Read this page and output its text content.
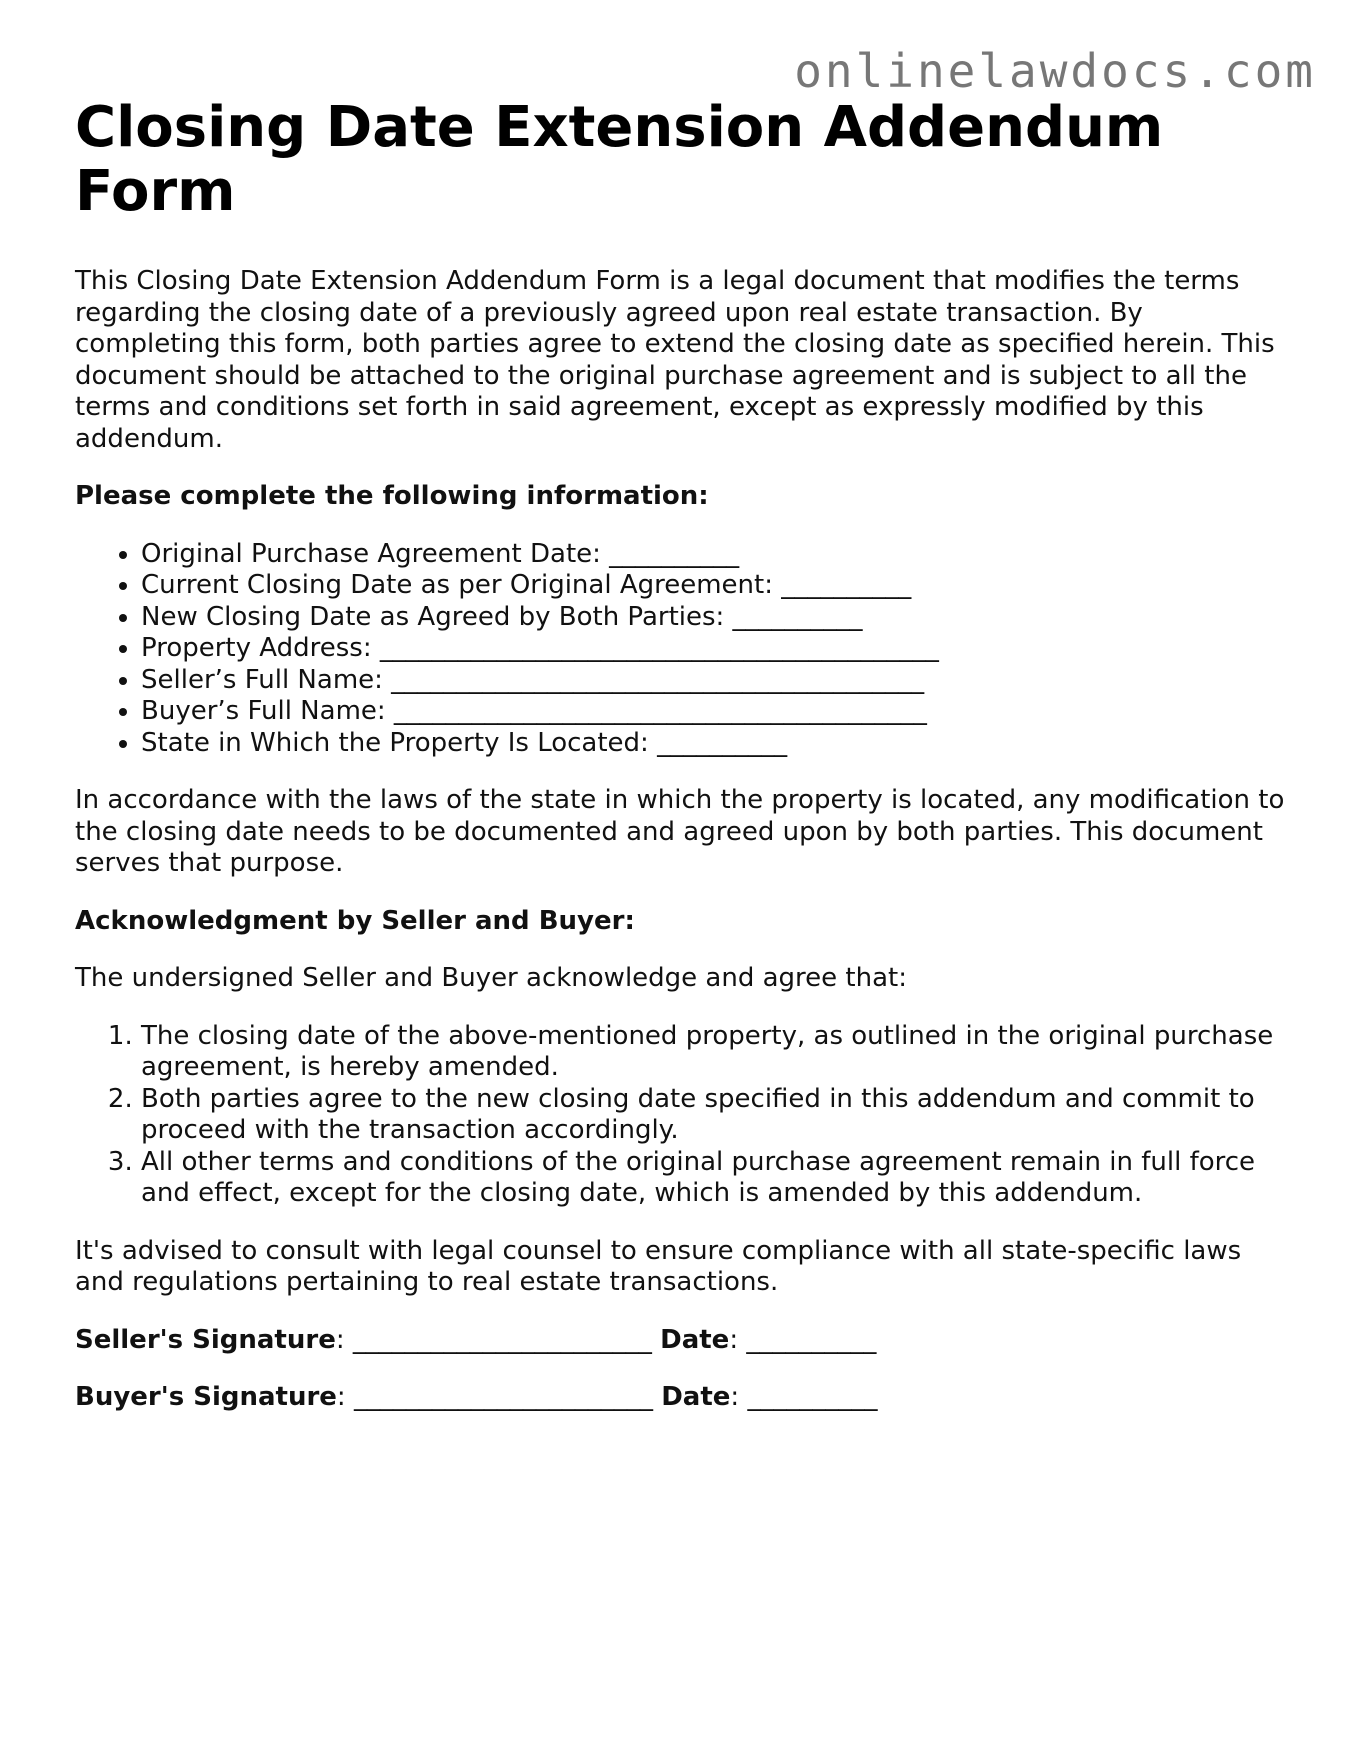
onlinelawdocs.com
Closing Date Extension Addendum Form

This Closing Date Extension Addendum Form is a legal document that modifies the terms regarding the closing date of a previously agreed upon real estate transaction. By completing this form, both parties agree to extend the closing date as specified herein. This document should be attached to the original purchase agreement and is subject to all the terms and conditions set forth in said agreement, except as expressly modified by this addendum.

Please complete the following information:

• Original Purchase Agreement Date: __________
• Current Closing Date as per Original Agreement: __________
• New Closing Date as Agreed by Both Parties: __________
• Property Address: ___________________________________________
• Seller’s Full Name: _________________________________________
• Buyer’s Full Name: _________________________________________
• State in Which the Property Is Located: __________

In accordance with the laws of the state in which the property is located, any modification to the closing date needs to be documented and agreed upon by both parties. This document serves that purpose.

Acknowledgment by Seller and Buyer:

The undersigned Seller and Buyer acknowledge and agree that:

1. The closing date of the above-mentioned property, as outlined in the original purchase agreement, is hereby amended.
2. Both parties agree to the new closing date specified in this addendum and commit to proceed with the transaction accordingly.
3. All other terms and conditions of the original purchase agreement remain in full force and effect, except for the closing date, which is amended by this addendum.

It's advised to consult with legal counsel to ensure compliance with all state-specific laws and regulations pertaining to real estate transactions.

Seller's Signature: _______________________ Date: __________
Buyer's Signature: _______________________ Date: __________
